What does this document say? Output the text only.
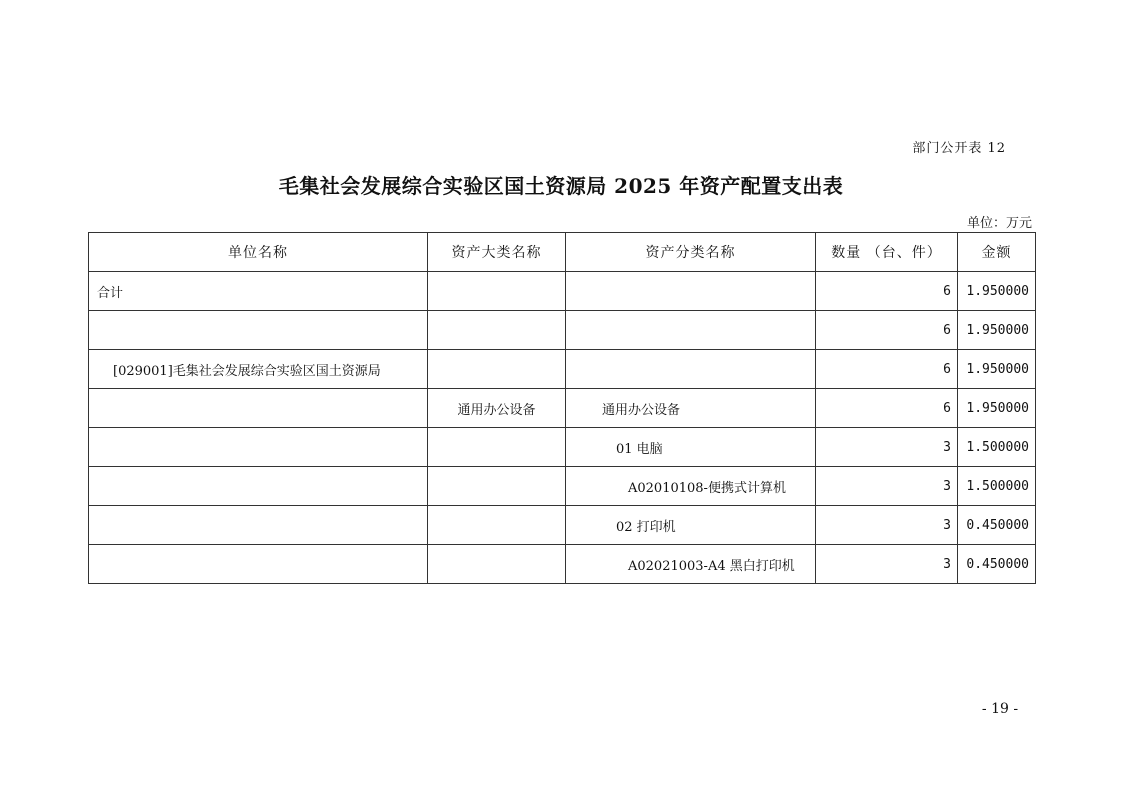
部门公开表 12
毛集社会发展综合实验区国土资源局 2025 年资产配置支出表
单位：万元
单位名称	资产大类名称	资产分类名称	数量 （台、件）	金额
合计			6	1.950000
			6	1.950000
[029001]毛集社会发展综合实验区国土资源局			6	1.950000
	通用办公设备	通用办公设备	6	1.950000
		01 电脑	3	1.500000
		A02010108-便携式计算机	3	1.500000
		02 打印机	3	0.450000
		A02021003-A4 黑白打印机	3	0.450000
- 19 -
